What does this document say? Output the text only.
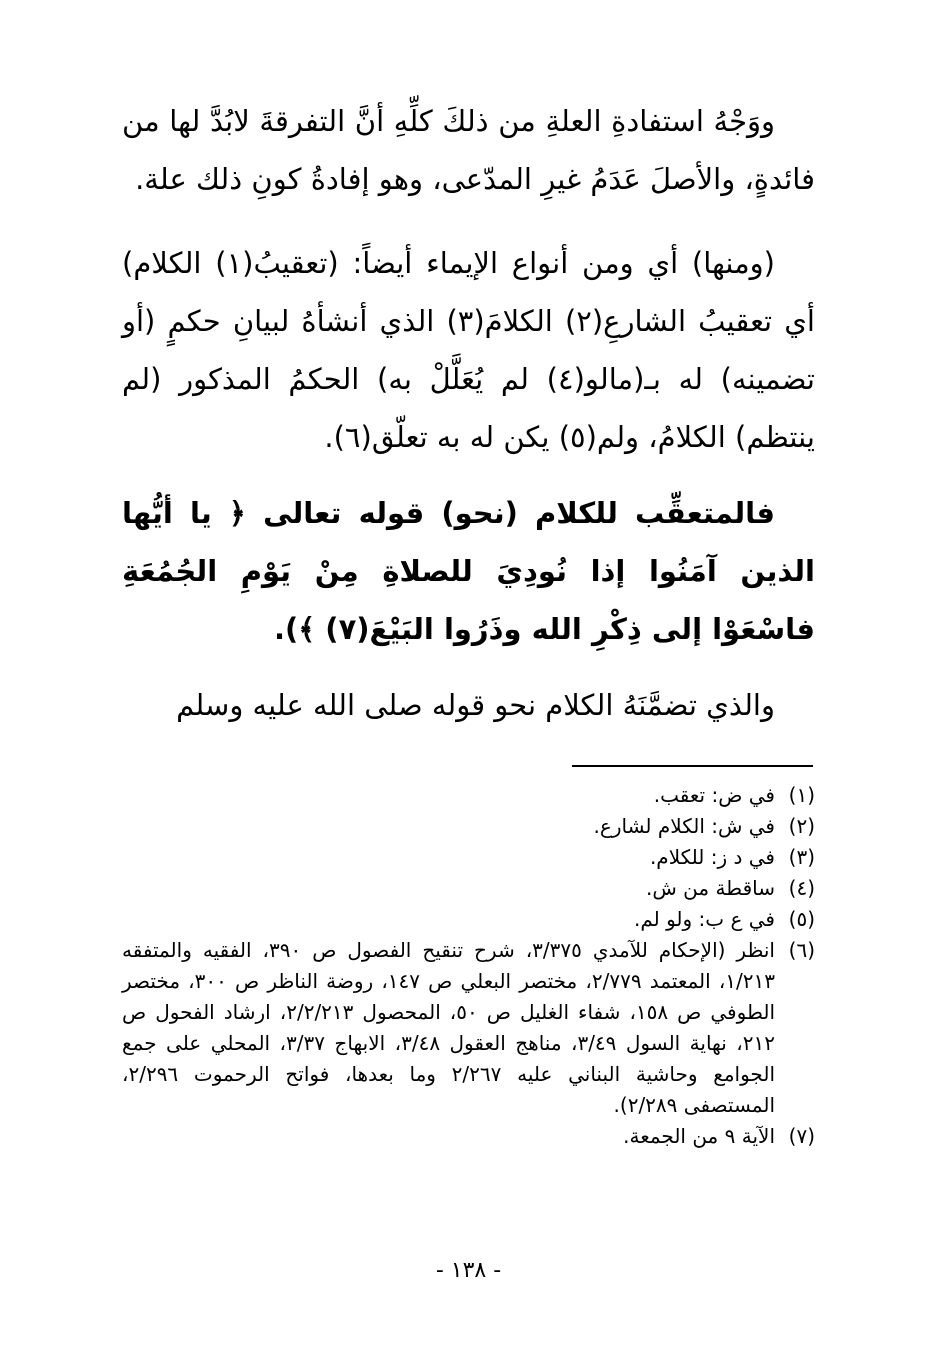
ووَجْهُ استفادةِ العلةِ من ذلكَ كلِّهِ أنَّ التفرقةَ لابُدَّ لها من فائدةٍ، والأصلَ عَدَمُ غيرِ المدّعى، وهو إفادةُ كونِ ذلك علة.

(ومنها) أي ومن أنواع الإيماء أيضاً: (تعقيبُ(١) الكلام) أي تعقيبُ الشارعِ(٢) الكلامَ(٣) الذي أنشأهُ لبيانِ حكمٍ (أو تضمينه) له بـ(مالو(٤) لم يُعَلَّلْ به) الحكمُ المذكور (لم ينتظم) الكلامُ، ولم(٥) يكن له به تعلّق(٦).

فالمتعقِّب للكلام (نحو) قوله تعالى ﴿ يا أيُّها الذين آمَنُوا إذا نُودِيَ للصلاةِ مِنْ يَوْمِ الجُمُعَةِ فاسْعَوْا إلى ذِكْرِ الله وذَرُوا البَيْعَ(٧) ﴾).

والذي تضمَّنَهُ الكلام نحو قوله صلى الله عليه وسلم

(١)
في ض: تعقب.
(٢)
في ش: الكلام لشارع.
(٣)
في د ز: للكلام.
(٤)
ساقطة من ش.
(٥)
في ع ب: ولو لم.
(٦)
انظر (الإحكام للآمدي ٣/٣٧٥، شرح تنقيح الفصول ص ٣٩٠، الفقيه والمتفقه ١/٢١٣، المعتمد ٢/٧٧٩، مختصر البعلي ص ١٤٧، روضة الناظر ص ٣٠٠، مختصر الطوفي ص ١٥٨، شفاء الغليل ص ٥٠، المحصول ٢/٢/٢١٣، ارشاد الفحول ص ٢١٢، نهاية السول ٣/٤٩، مناهج العقول ٣/٤٨، الابهاج ٣/٣٧، المحلي على جمع الجوامع وحاشية البناني عليه ٢/٢٦٧ وما بعدها، فواتح الرحموت ٢/٢٩٦، المستصفى ٢/٢٨٩).
(٧)
الآية ٩ من الجمعة.
- ١٣٨ -
